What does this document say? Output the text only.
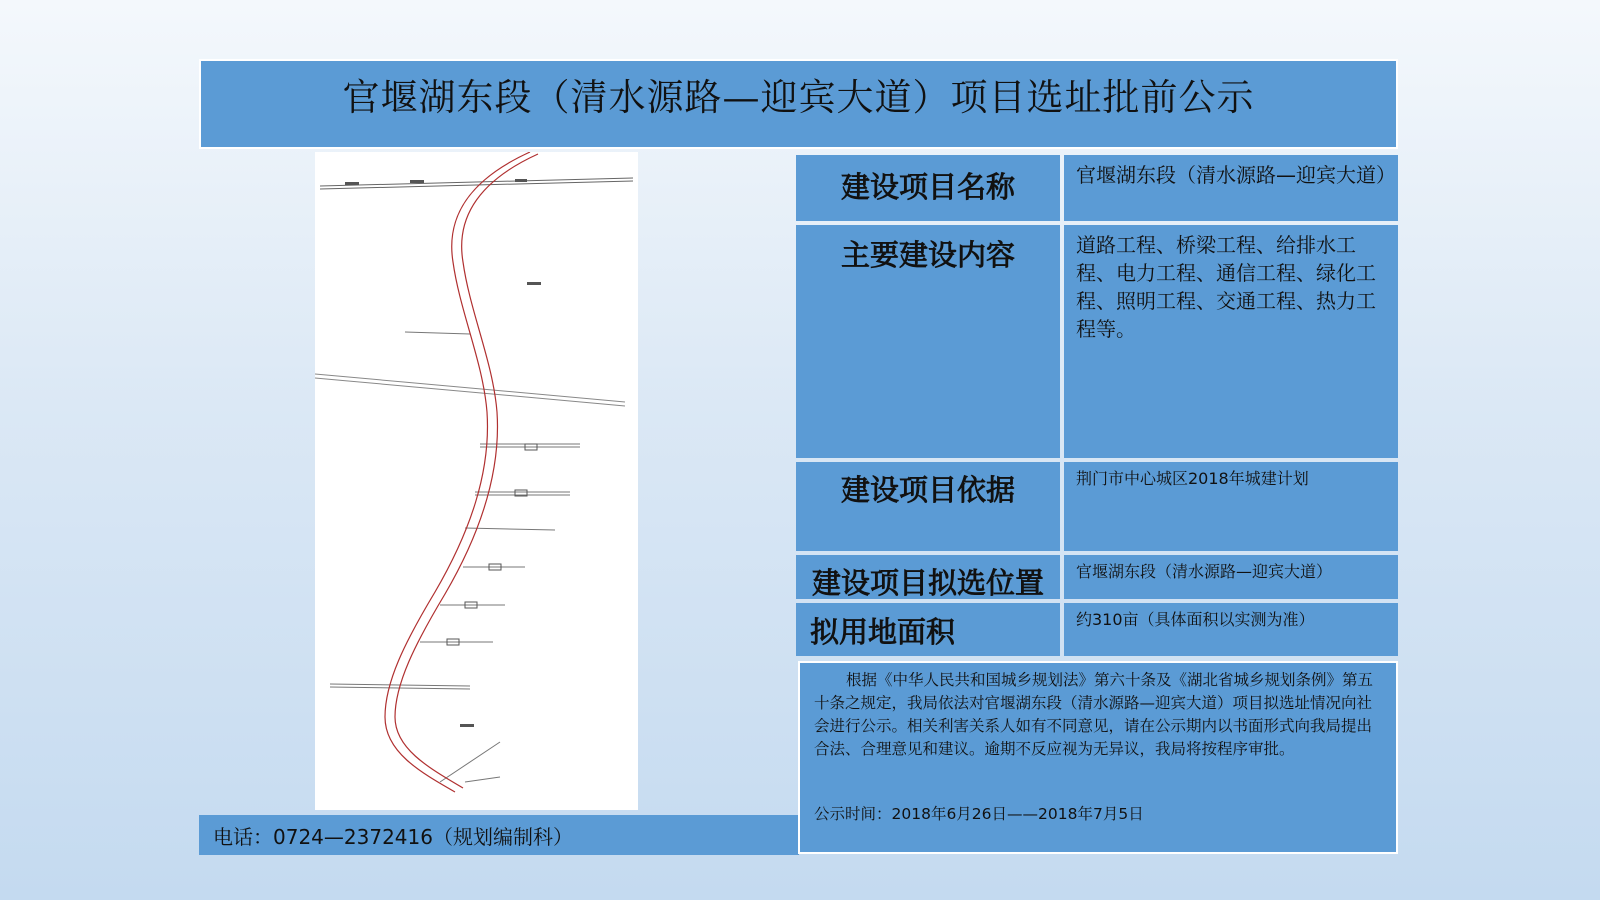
官堰湖东段（清水源路—迎宾大道）项目选址批前公示
电话：0724—2372416（规划编制科）
建设项目名称	官堰湖东段（清水源路—迎宾大道）
主要建设内容	道路工程、桥梁工程、给排水工程、电力工程、通信工程、绿化工程、照明工程、交通工程、热力工程等。
建设项目依据	荆门市中心城区2018年城建计划
建设项目拟选位置	官堰湖东段（清水源路—迎宾大道）
拟用地面积	约310亩（具体面积以实测为准）
根据《中华人民共和国城乡规划法》第六十条及《湖北省城乡规划条例》第五十条之规定，我局依法对官堰湖东段（清水源路—迎宾大道）项目拟选址情况向社会进行公示。相关利害关系人如有不同意见，请在公示期内以书面形式向我局提出合法、合理意见和建议。逾期不反应视为无异议，我局将按程序审批。
公示时间：2018年6月26日——2018年7月5日
